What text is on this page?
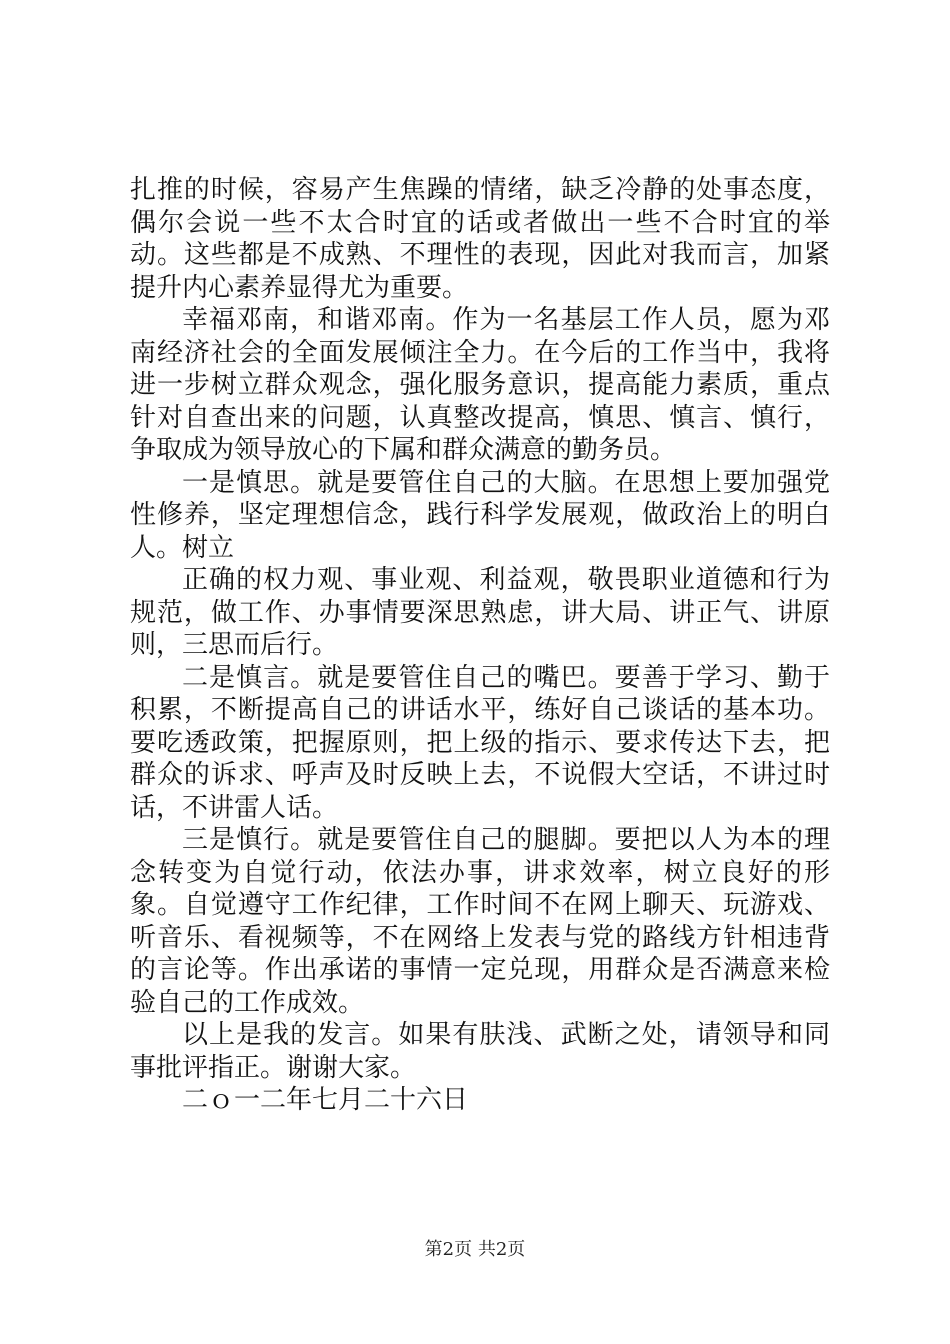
扎推的时候，容易产生焦躁的情绪，缺乏冷静的处事态度，偶尔会说一些不太合时宜的话或者做出一些不合时宜的举动。这些都是不成熟、不理性的表现，因此对我而言，加紧提升内心素养显得尤为重要。

幸福邓南，和谐邓南。作为一名基层工作人员，愿为邓南经济社会的全面发展倾注全力。在今后的工作当中，我将进一步树立群众观念，强化服务意识，提高能力素质，重点针对自查出来的问题，认真整改提高，慎思、慎言、慎行，争取成为领导放心的下属和群众满意的勤务员。

一是慎思。就是要管住自己的大脑。在思想上要加强党性修养，坚定理想信念，践行科学发展观，做政治上的明白人。树立

正确的权力观、事业观、利益观，敬畏职业道德和行为规范，做工作、办事情要深思熟虑，讲大局、讲正气、讲原则，三思而后行。

二是慎言。就是要管住自己的嘴巴。要善于学习、勤于积累，不断提高自己的讲话水平，练好自己谈话的基本功。要吃透政策，把握原则，把上级的指示、要求传达下去，把群众的诉求、呼声及时反映上去，不说假大空话，不讲过时话，不讲雷人话。

三是慎行。就是要管住自己的腿脚。要把以人为本的理念转变为自觉行动，依法办事，讲求效率，树立良好的形象。自觉遵守工作纪律，工作时间不在网上聊天、玩游戏、听音乐、看视频等，不在网络上发表与党的路线方针相违背的言论等。作出承诺的事情一定兑现，用群众是否满意来检验自己的工作成效。

以上是我的发言。如果有肤浅、武断之处，请领导和同事批评指正。谢谢大家。

二ｏ一二年七月二十六日

第2页 共2页
